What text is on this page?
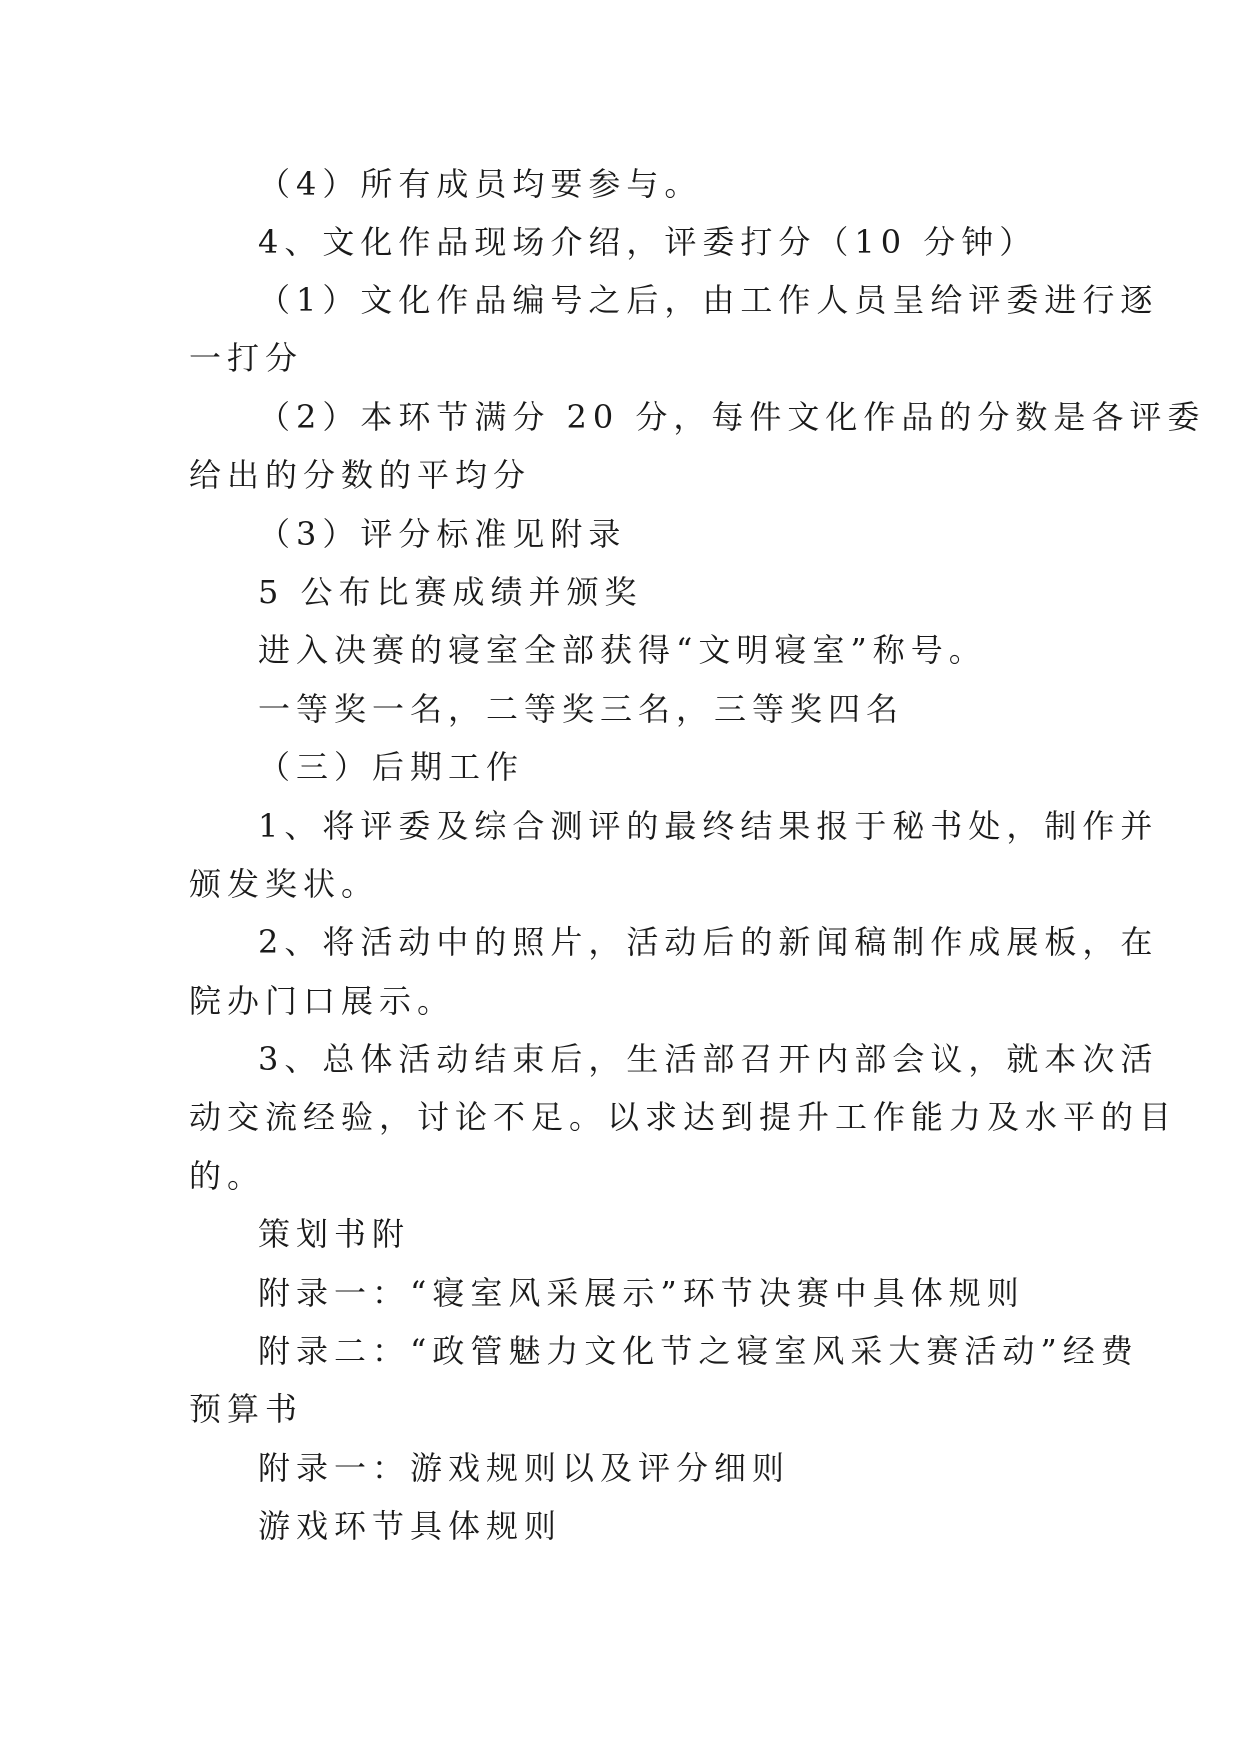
（4）所有成员均要参与。
4、文化作品现场介绍，评委打分（10 分钟）
（1）文化作品编号之后，由工作人员呈给评委进行逐
一打分
（2）本环节满分 20 分，每件文化作品的分数是各评委
给出的分数的平均分
（3）评分标准见附录
5 公布比赛成绩并颁奖
进入决赛的寝室全部获得“文明寝室”称号。
一等奖一名，二等奖三名，三等奖四名
（三）后期工作
1、将评委及综合测评的最终结果报于秘书处，制作并
颁发奖状。
2、将活动中的照片，活动后的新闻稿制作成展板，在
院办门口展示。
3、总体活动结束后，生活部召开内部会议，就本次活
动交流经验，讨论不足。以求达到提升工作能力及水平的目
的。
策划书附
附录一：“寝室风采展示”环节决赛中具体规则
附录二：“政管魅力文化节之寝室风采大赛活动”经费
预算书
附录一：游戏规则以及评分细则
游戏环节具体规则
